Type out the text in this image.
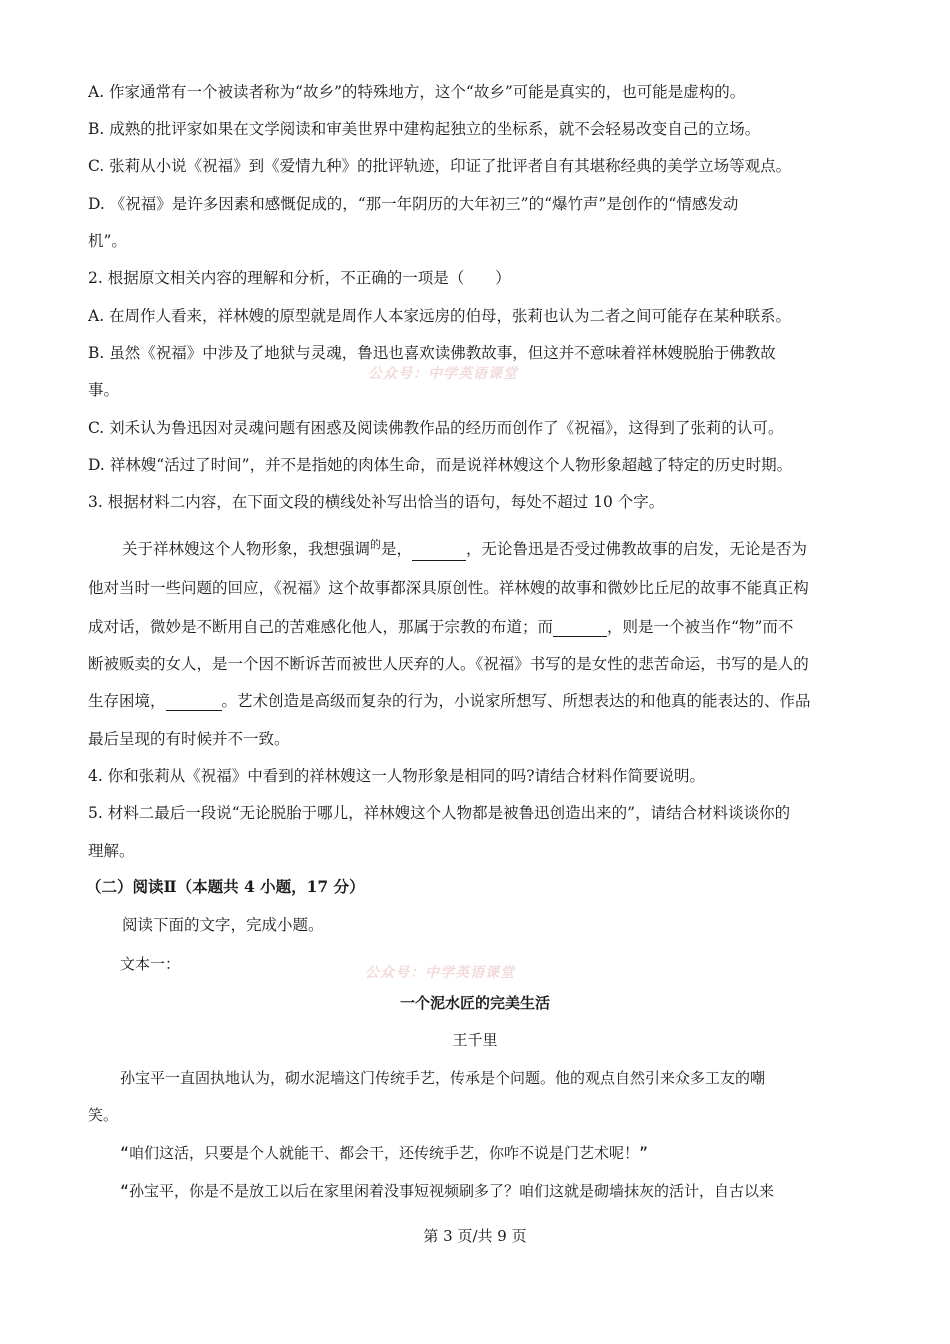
A. 作家通常有一个被读者称为“故乡”的特殊地方，这个“故乡”可能是真实的，也可能是虚构的。
B. 成熟的批评家如果在文学阅读和审美世界中建构起独立的坐标系，就不会轻易改变自己的立场。
C. 张莉从小说《祝福》到《爱情九种》的批评轨迹，印证了批评者自有其堪称经典的美学立场等观点。
D. 《祝福》是许多因素和感慨促成的，“那一年阴历的大年初三”的“爆竹声”是创作的“情感发动
机”。
2. 根据原文相关内容的理解和分析，不正确的一项是（　　）
A. 在周作人看来，祥林嫂的原型就是周作人本家远房的伯母，张莉也认为二者之间可能存在某种联系。
B. 虽然《祝福》中涉及了地狱与灵魂，鲁迅也喜欢读佛教故事，但这并不意味着祥林嫂脱胎于佛教故
事。
C. 刘禾认为鲁迅因对灵魂问题有困惑及阅读佛教作品的经历而创作了《祝福》，这得到了张莉的认可。
D. 祥林嫂“活过了时间”，并不是指她的肉体生命，而是说祥林嫂这个人物形象超越了特定的历史时期。
3. 根据材料二内容，在下面文段的横线处补写出恰当的语句，每处不超过 10 个字。
关于祥林嫂这个人物形象，我想强调$^的$是，	，无论鲁迅是否受过佛教故事的启发，无论是否为
他对当时一些问题的回应，《祝福》这个故事都深具原创性。祥林嫂的故事和微妙比丘尼的故事不能真正构
成对话，微妙是不断用自己的苦难感化他人，那属于宗教的布道；而	，则是一个被当作“物”而不
断被贩卖的女人，是一个因不断诉苦而被世人厌弃的人。《祝福》书写的是女性的悲苦命运，书写的是人的
生存困境，	。艺术创造是高级而复杂的行为，小说家所想写、所想表达的和他真的能表达的、作品
最后呈现的有时候并不一致。
4. 你和张莉从《祝福》中看到的祥林嫂这一人物形象是相同的吗?请结合材料作简要说明。
5. 材料二最后一段说“无论脱胎于哪儿，祥林嫂这个人物都是被鲁迅创造出来的”，请结合材料谈谈你的
理解。
（二）阅读Ⅱ（本题共 4 小题，17 分）
阅读下面的文字，完成小题。
文本一：
一个泥水匠的完美生活
王千里
孙宝平一直固执地认为，砌水泥墙这门传统手艺，传承是个问题。他的观点自然引来众多工友的嘲
笑。
“咱们这活，只要是个人就能干、都会干，还传统手艺，你咋不说是门艺术呢！”
“孙宝平，你是不是放工以后在家里闲着没事短视频刷多了？咱们这就是砌墙抹灰的活计，自古以来
公众号：中学英语课堂
公众号：中学英语课堂
第 3 页/共 9 页
